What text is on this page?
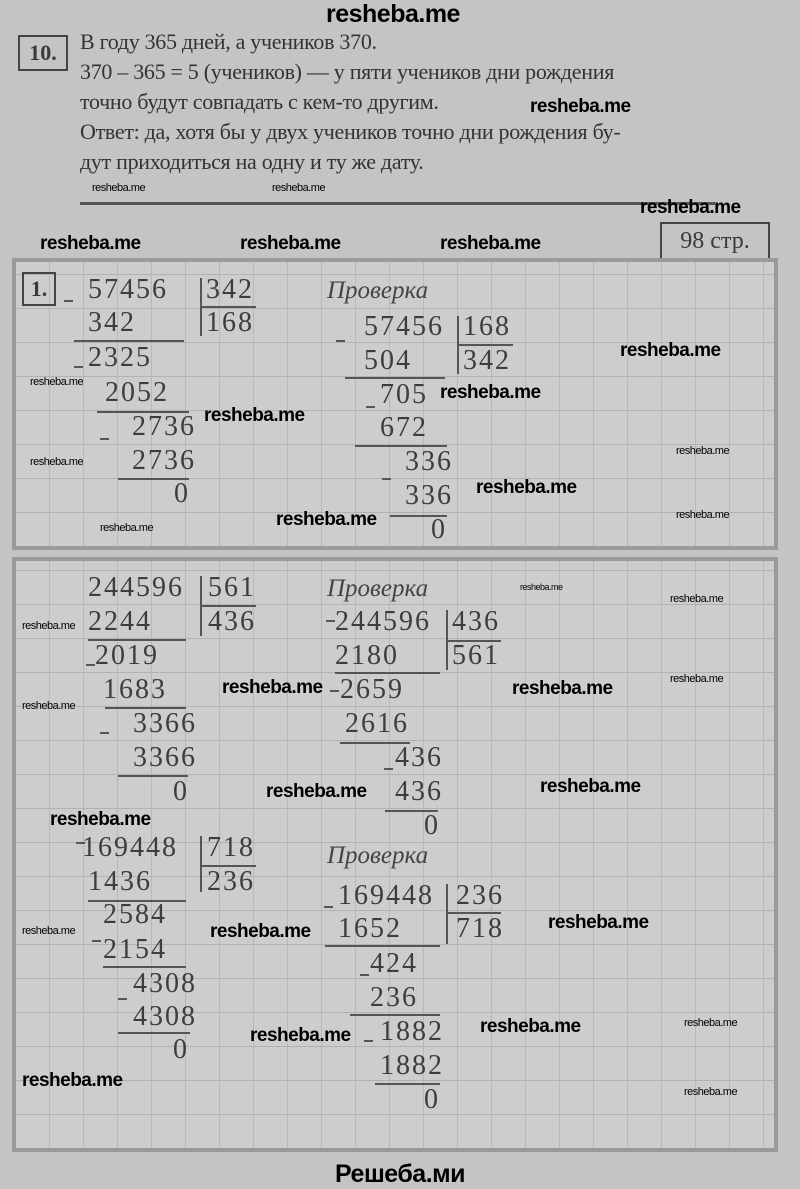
resheba.me
10.	В году 365 дней, а учеников 370.
370 – 365 = 5 (учеников) — у пяти учеников дни рождения
точно будут совпадать с кем-то другим.
Ответ: да, хотя бы у двух учеников точно дни рождения бу-
дут приходиться на одну и ту же дату.
98 стр.
1.	57456
342
2325
2052
2736
2736
0
342
168
Проверка
57456
504
705
672
336
336
0
168
342
244596
2244
2019
1683
3366
3366
0
561
436
Проверка
244596
2180
2659
2616
436
436
0
436
561
169448
1436
2584
2154
4308
4308
0
718
236
Проверка
169448
1652
424
236
1882
1882
0
236
718
resheba.me
resheba.me
resheba.me	resheba.me	resheba.me
resheba.me
resheba.me
resheba.me
resheba.me
resheba.me
resheba.me	resheba.me
resheba.me	resheba.me
resheba.me
resheba.me
resheba.me
resheba.me
resheba.me
resheba.me
resheba.me	resheba.me
resheba.me
resheba.me
resheba.me
resheba.me
resheba.me
resheba.me
resheba.me
resheba.me
resheba.me
resheba.me
resheba.me
resheba.me
resheba.me
Решеба.ми
